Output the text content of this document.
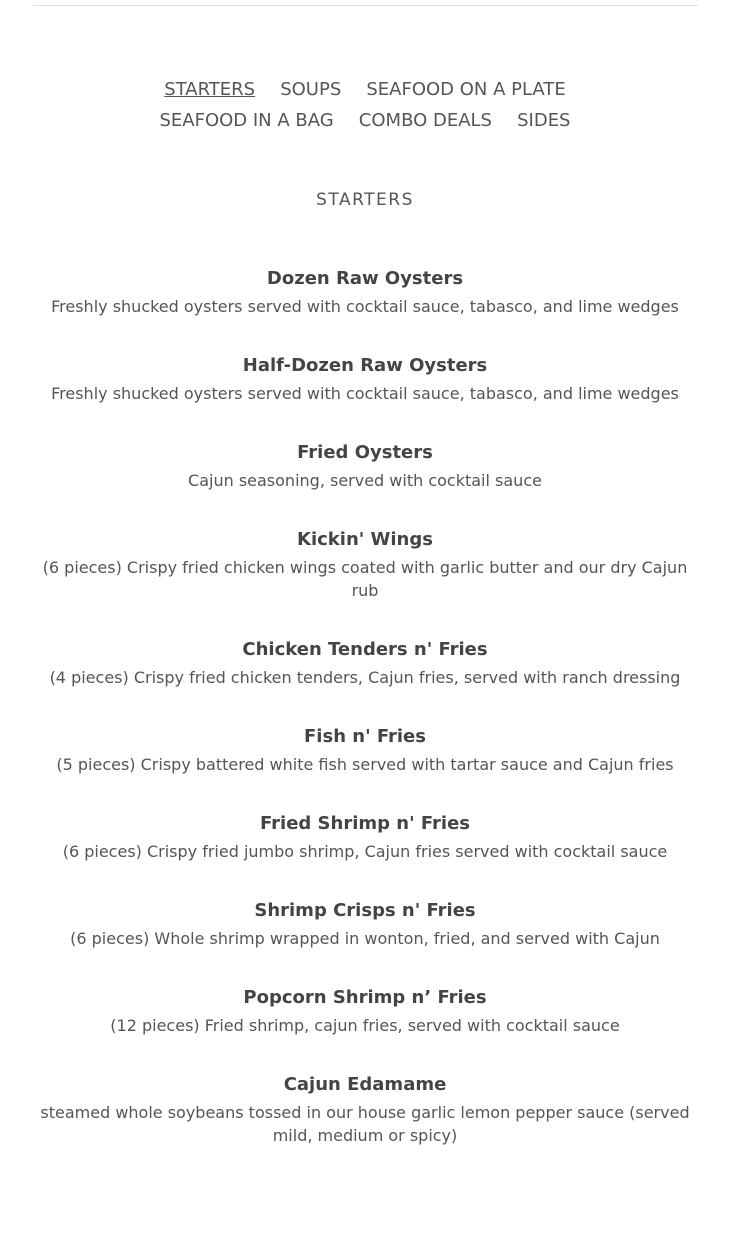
STARTERS SOUPS SEAFOOD ON A PLATE
SEAFOOD IN A BAG COMBO DEALS SIDES
STARTERS
Dozen Raw Oysters
Freshly shucked oysters served with cocktail sauce, tabasco, and lime wedges
Half-Dozen Raw Oysters
Freshly shucked oysters served with cocktail sauce, tabasco, and lime wedges
Fried Oysters
Cajun seasoning, served with cocktail sauce
Kickin' Wings
(6 pieces) Crispy fried chicken wings coated with garlic butter and our dry Cajun rub
Chicken Tenders n' Fries
(4 pieces) Crispy fried chicken tenders, Cajun fries, served with ranch dressing
Fish n' Fries
(5 pieces) Crispy battered white fish served with tartar sauce and Cajun fries
Fried Shrimp n' Fries
(6 pieces) Crispy fried jumbo shrimp, Cajun fries served with cocktail sauce
Shrimp Crisps n' Fries
(6 pieces) Whole shrimp wrapped in wonton, fried, and served with Cajun
Popcorn Shrimp n’ Fries
(12 pieces) Fried shrimp, cajun fries, served with cocktail sauce
Cajun Edamame
steamed whole soybeans tossed in our house garlic lemon pepper sauce (served mild, medium or spicy)
